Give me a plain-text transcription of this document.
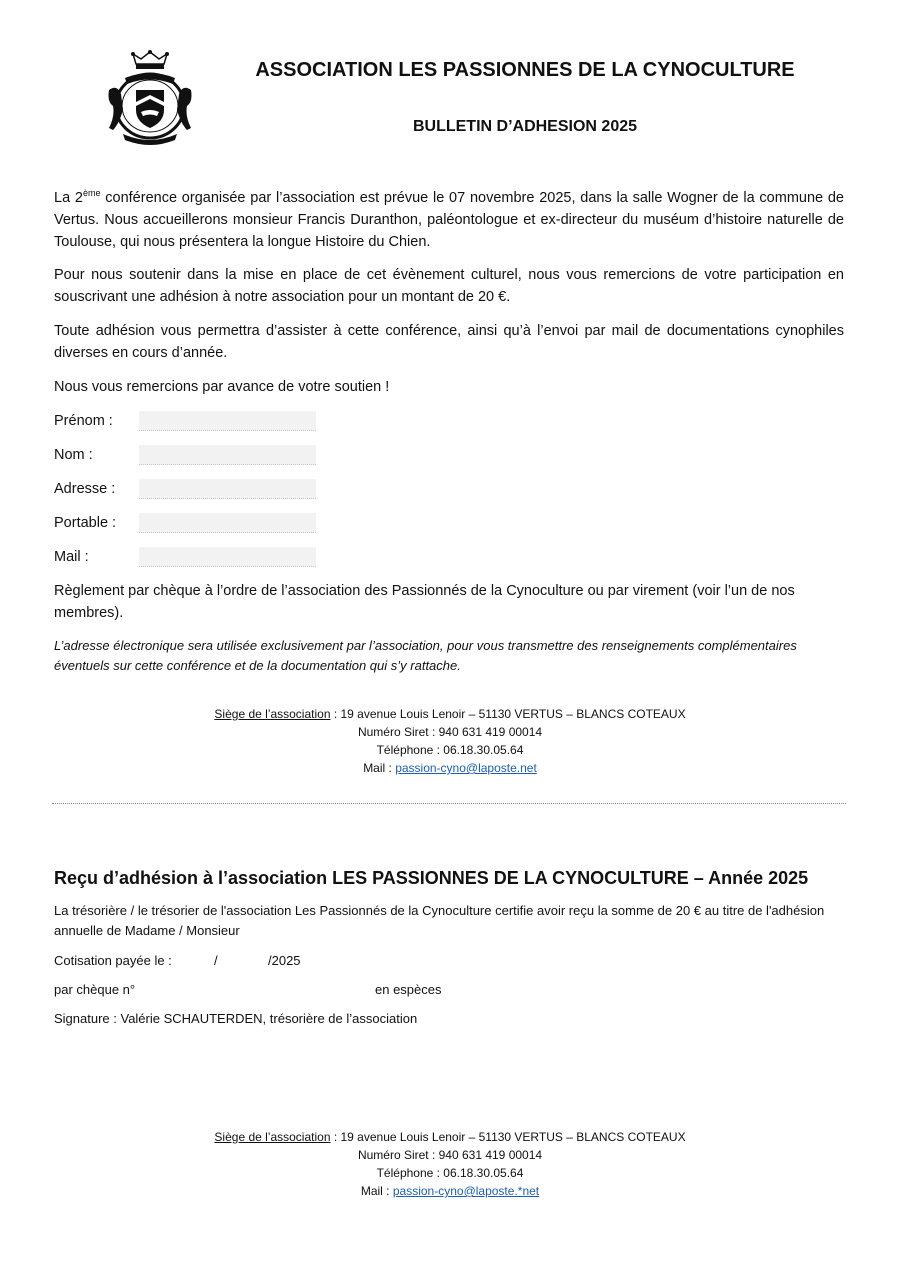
ASSOCIATION LES PASSIONNES DE LA CYNOCULTURE
BULLETIN D’ADHESION 2025
La 2ème conférence organisée par l’association est prévue le 07 novembre 2025, dans la salle Wogner de la commune de Vertus. Nous accueillerons monsieur Francis Duranthon, paléontologue et ex-directeur du muséum d’histoire naturelle de Toulouse, qui nous présentera la longue Histoire du Chien.
Pour nous soutenir dans la mise en place de cet évènement culturel, nous vous remercions de votre participation en souscrivant une adhésion à notre association pour un montant de 20 €.
Toute adhésion vous permettra d’assister à cette conférence, ainsi qu’à l’envoi par mail de documentations cynophiles diverses en cours d’année.
Nous vous remercions par avance de votre soutien !
Prénom :
Nom :
Adresse :
Portable :
Mail :
Règlement par chèque à l’ordre de l’association des Passionnés de la Cynoculture ou par virement (voir l’un de nos membres).
L’adresse électronique sera utilisée exclusivement par l’association, pour vous transmettre des renseignements complémentaires éventuels sur cette conférence et de la documentation qui s’y rattache.
Siège de l’association : 19 avenue Louis Lenoir – 51130 VERTUS – BLANCS COTEAUX
Numéro Siret : 940 631 419 00014
Téléphone : 06.18.30.05.64
Mail : passion-cyno@laposte.net
Reçu d’adhésion à l’association LES PASSIONNES DE LA CYNOCULTURE – Année 2025
La trésorière / le trésorier de l'association Les Passionnés de la Cynoculture certifie avoir reçu la somme de 20 € au titre de l'adhésion annuelle de Madame / Monsieur
Cotisation payée le :	/	/2025
par chèque n°	en espèces
Signature : Valérie SCHAUTERDEN, trésorière de l’association
Siège de l’association : 19 avenue Louis Lenoir – 51130 VERTUS – BLANCS COTEAUX
Numéro Siret : 940 631 419 00014
Téléphone : 06.18.30.05.64
Mail : passion-cyno@laposte.*net
